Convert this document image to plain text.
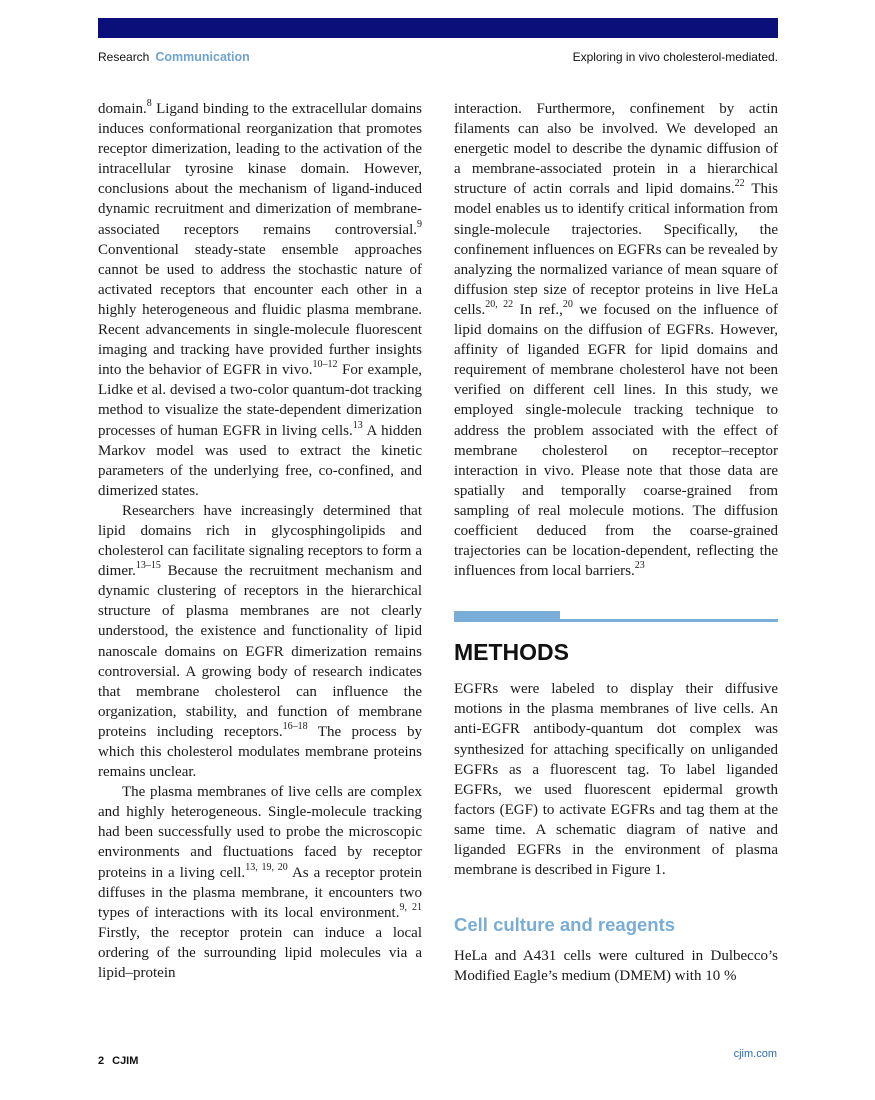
Research Communication	Exploring in vivo cholesterol-mediated.

domain.$^8$ Ligand binding to the extracellular domains induces conformational reorganization that promotes receptor dimerization, leading to the activation of the intracellular tyrosine kinase domain. However, conclusions about the mechanism of ligand-induced dynamic recruitment and dimerization of membrane-associated receptors remains controversial.$^9$ Conventional steady-state ensemble approaches cannot be used to address the stochastic nature of activated receptors that encounter each other in a highly heterogeneous and fluidic plasma membrane. Recent advancements in single-molecule fluorescent imaging and tracking have provided further insights into the behavior of EGFR in vivo.$^{10-12}$ For example, Lidke et al. devised a two-color quantum-dot tracking method to visualize the state-dependent dimerization processes of human EGFR in living cells.$^{13}$ A hidden Markov model was used to extract the kinetic parameters of the underlying free, co-confined, and dimerized states.

Researchers have increasingly determined that lipid domains rich in glycosphingolipids and cholesterol can facilitate signaling receptors to form a dimer.$^{13-15}$ Because the recruitment mechanism and dynamic clustering of receptors in the hierarchical structure of plasma membranes are not clearly understood, the existence and functionality of lipid nanoscale domains on EGFR dimerization remains controversial. A growing body of research indicates that membrane cholesterol can influence the organization, stability, and function of membrane proteins including receptors.$^{16-18}$ The process by which this cholesterol modulates membrane proteins remains unclear.

The plasma membranes of live cells are complex and highly heterogeneous. Single-molecule tracking had been successfully used to probe the microscopic environments and fluctuations faced by receptor proteins in a living cell.$^{13, 19, 20}$ As a receptor protein diffuses in the plasma membrane, it encounters two types of interactions with its local environment.$^{9, 21}$ Firstly, the receptor protein can induce a local ordering of the surrounding lipid molecules via a lipid–protein

interaction. Furthermore, confinement by actin filaments can also be involved. We developed an energetic model to describe the dynamic diffusion of a membrane-associated protein in a hierarchical structure of actin corrals and lipid domains.$^{22}$ This model enables us to identify critical information from single-molecule trajectories. Specifically, the confinement influences on EGFRs can be revealed by analyzing the normalized variance of mean square of diffusion step size of receptor proteins in live HeLa cells.$^{20, 22}$ In ref.,$^{20}$ we focused on the influence of lipid domains on the diffusion of EGFRs. However, affinity of liganded EGFR for lipid domains and requirement of membrane cholesterol have not been verified on different cell lines. In this study, we employed single-molecule tracking technique to address the problem associated with the effect of membrane cholesterol on receptor–receptor interaction in vivo. Please note that those data are spatially and temporally coarse-grained from sampling of real molecule motions. The diffusion coefficient deduced from the coarse-grained trajectories can be location-dependent, reflecting the influences from local barriers.$^{23}$

METHODS

EGFRs were labeled to display their diffusive motions in the plasma membranes of live cells. An anti-EGFR antibody-quantum dot complex was synthesized for attaching specifically on unliganded EGFRs as a fluorescent tag. To label liganded EGFRs, we used fluorescent epidermal growth factors (EGF) to activate EGFRs and tag them at the same time. A schematic diagram of native and liganded EGFRs in the environment of plasma membrane is described in Figure 1.

Cell culture and reagents

HeLa and A431 cells were cultured in Dulbecco’s Modified Eagle’s medium (DMEM) with 10 %

2 CJIM
cjim.com
